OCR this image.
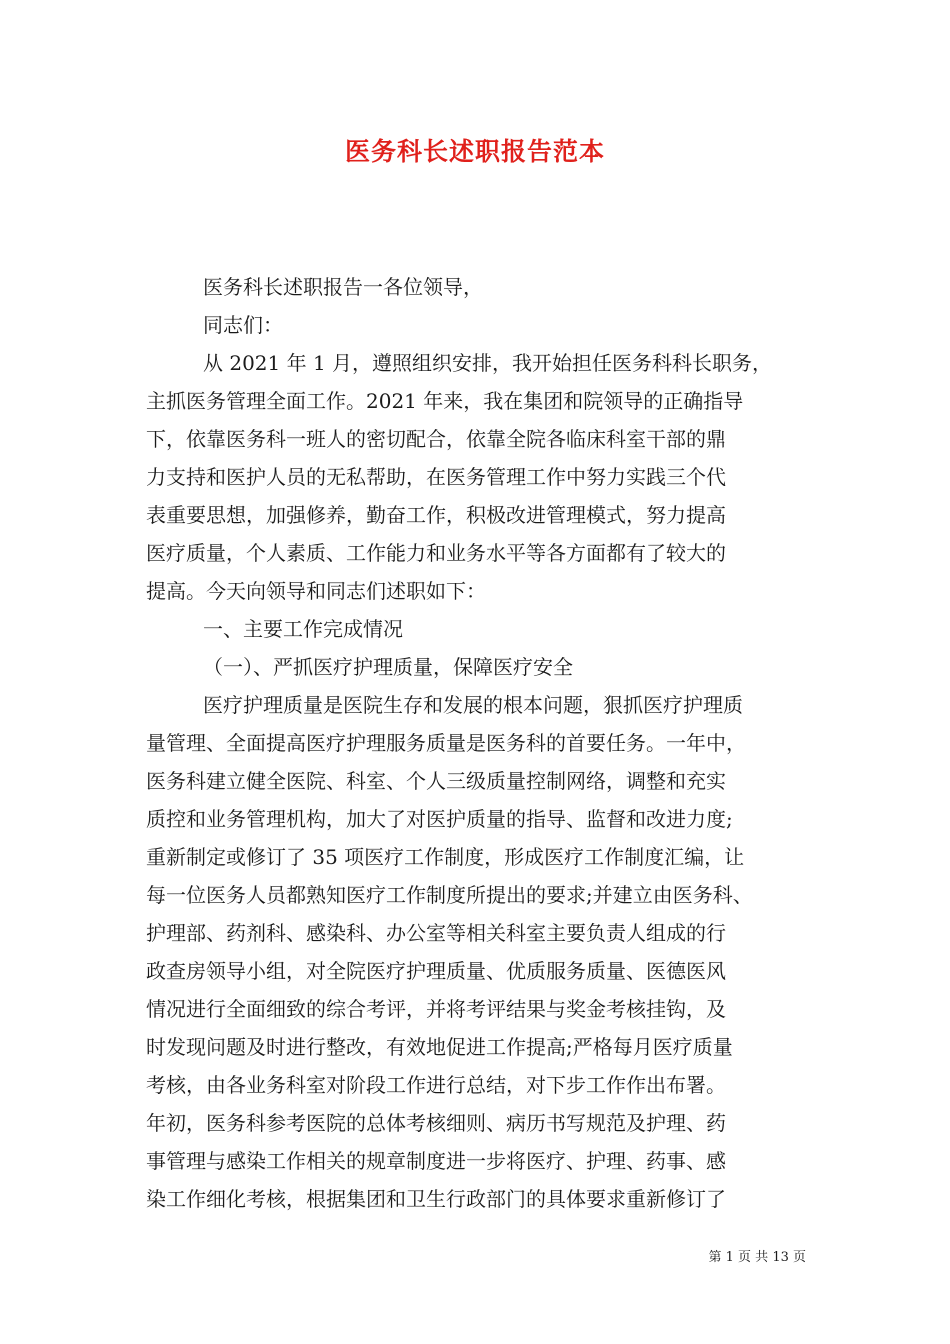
医务科长述职报告范本
医务科长述职报告一各位领导，
同志们：
从 2021 年 1 月，遵照组织安排，我开始担任医务科科长职务，
主抓医务管理全面工作。2021 年来，我在集团和院领导的正确指导
下，依靠医务科一班人的密切配合，依靠全院各临床科室干部的鼎
力支持和医护人员的无私帮助，在医务管理工作中努力实践三个代
表重要思想，加强修养，勤奋工作，积极改进管理模式，努力提高
医疗质量，个人素质、工作能力和业务水平等各方面都有了较大的
提高。今天向领导和同志们述职如下：
一、主要工作完成情况
（一）、严抓医疗护理质量，保障医疗安全
医疗护理质量是医院生存和发展的根本问题，狠抓医疗护理质
量管理、全面提高医疗护理服务质量是医务科的首要任务。一年中，
医务科建立健全医院、科室、个人三级质量控制网络，调整和充实
质控和业务管理机构，加大了对医护质量的指导、监督和改进力度;
重新制定或修订了 35 项医疗工作制度，形成医疗工作制度汇编，让
每一位医务人员都熟知医疗工作制度所提出的要求;并建立由医务科、
护理部、药剂科、感染科、办公室等相关科室主要负责人组成的行
政查房领导小组，对全院医疗护理质量、优质服务质量、医德医风
情况进行全面细致的综合考评，并将考评结果与奖金考核挂钩，及
时发现问题及时进行整改，有效地促进工作提高;严格每月医疗质量
考核，由各业务科室对阶段工作进行总结，对下步工作作出布署。
年初，医务科参考医院的总体考核细则、病历书写规范及护理、药
事管理与感染工作相关的规章制度进一步将医疗、护理、药事、感
染工作细化考核，根据集团和卫生行政部门的具体要求重新修订了
第 1 页 共 13 页
